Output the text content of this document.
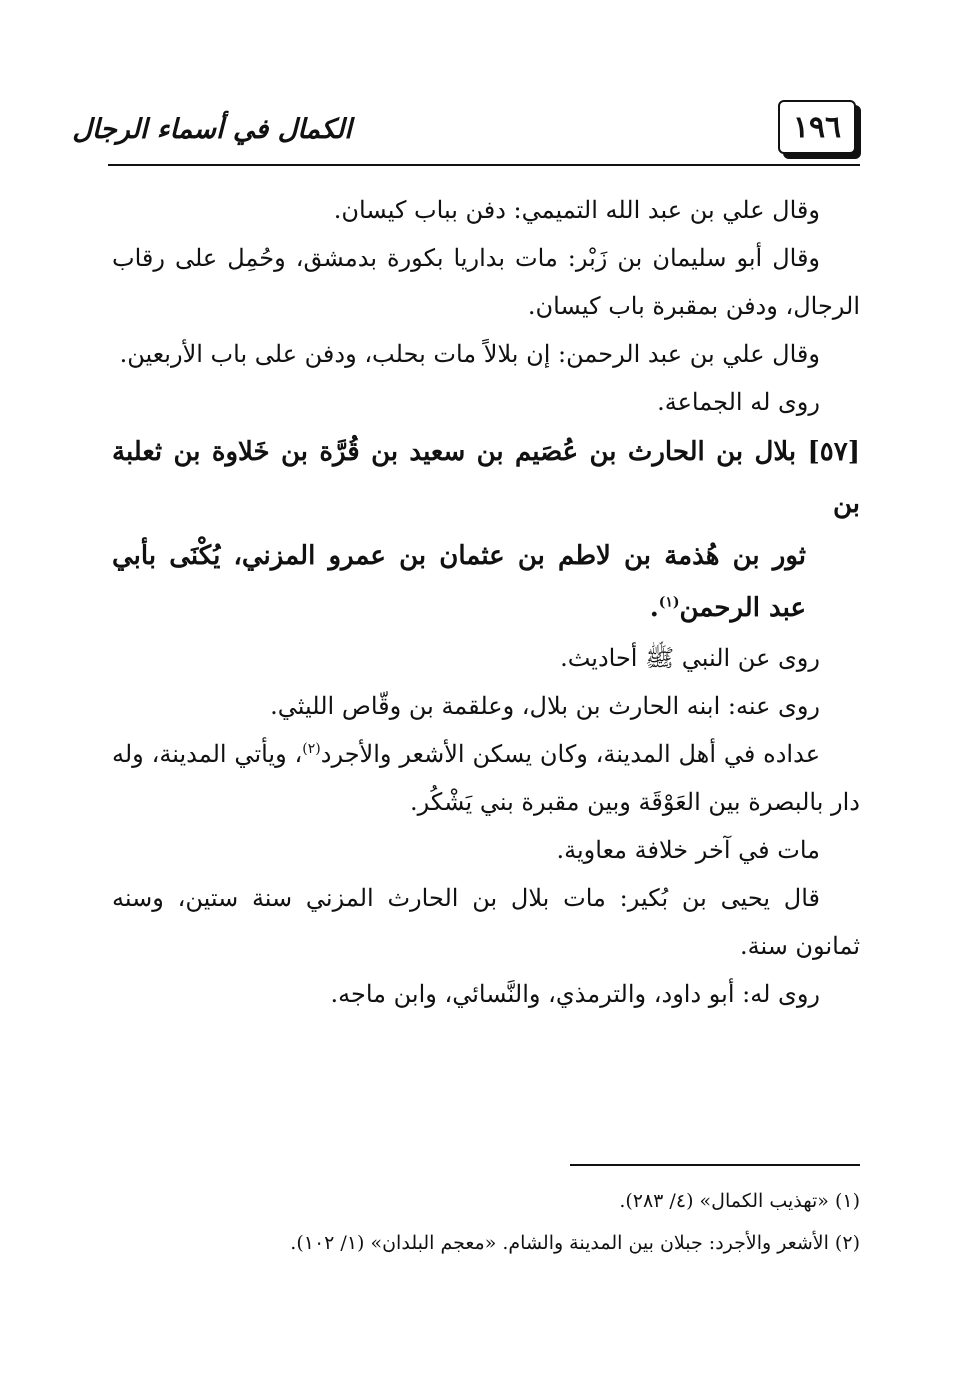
١٩٦
الكمال في أسماء الرجال

وقال علي بن عبد الله التميمي: دفن بباب كيسان.

وقال أبو سليمان بن زَبْر: مات بداريا بكورة بدمشق، وحُمِل على رقاب الرجال، ودفن بمقبرة باب كيسان.

وقال علي بن عبد الرحمن: إن بلالاً مات بحلب، ودفن على باب الأربعين.

روى له الجماعة.

[٥٧] بلال بن الحارث بن عُصَيم بن سعيد بن قُرَّة بن خَلاوة بن ثعلبة بن

ثور بن هُذمة بن لاطم بن عثمان بن عمرو المزني، يُكْنَى بأبي عبد الرحمن$^{(١)}$.

روى عن النبي ﷺ أحاديث.

روى عنه: ابنه الحارث بن بلال، وعلقمة بن وقّاص الليثي.

عداده في أهل المدينة، وكان يسكن الأشعر والأجرد$^{(٢)}$، ويأتي المدينة، وله دار بالبصرة بين العَوْقَة وبين مقبرة بني يَشْكُر.

مات في آخر خلافة معاوية.

قال يحيى بن بُكير: مات بلال بن الحارث المزني سنة ستين، وسنه ثمانون سنة.

روى له: أبو داود، والترمذي، والنَّسائي، وابن ماجه.

(١) «تهذيب الكمال» (٤/ ٢٨٣).

(٢) الأشعر والأجرد: جبلان بين المدينة والشام. «معجم البلدان» (١/ ١٠٢).
